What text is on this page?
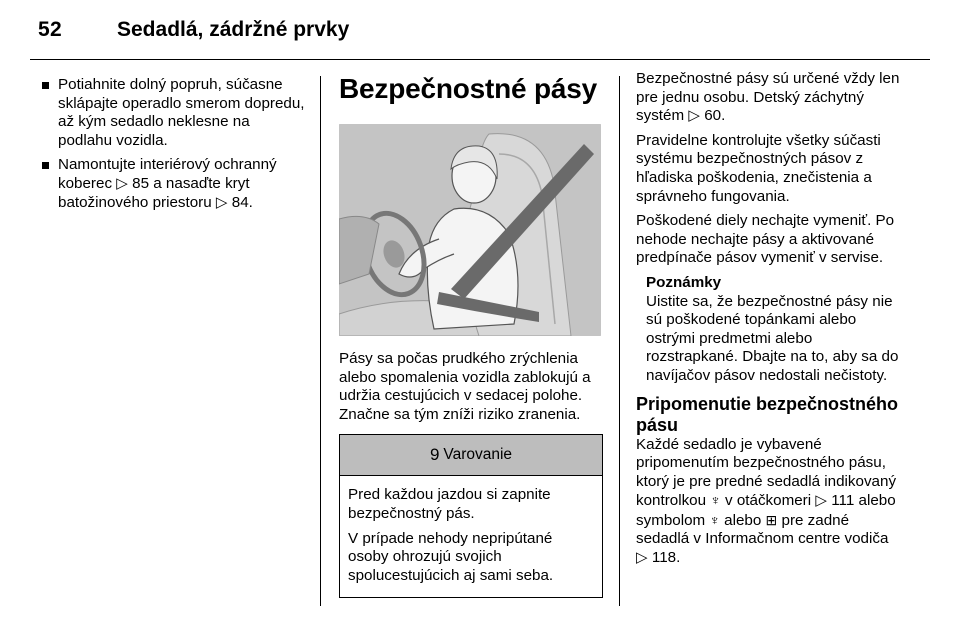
52	Sedadlá, zádržné prvky
Potiahnite dolný popruh, súčasne sklápajte operadlo smerom dopredu, až kým sedadlo neklesne na podlahu vozidla.
Namontujte interiérový ochranný koberec ▷ 85 a nasaďte kryt batožinového priestoru ▷ 84.
Bezpečnostné pásy

Pásy sa počas prudkého zrýchlenia alebo spomalenia vozidla zablokujú a udržia cestujúcich v sedacej polohe. Značne sa tým zníži riziko zranenia.

9 Varovanie

Pred každou jazdou si zapnite bezpečnostný pás.

V prípade nehody nepripútané osoby ohrozujú svojich spolucestujúcich aj sami seba.

Bezpečnostné pásy sú určené vždy len pre jednu osobu. Detský záchytný systém ▷ 60.

Pravidelne kontrolujte všetky súčasti systému bezpečnostných pásov z hľadiska poškodenia, znečistenia a správneho fungovania.

Poškodené diely nechajte vymeniť. Po nehode nechajte pásy a aktivované predpínače pásov vymeniť v servise.

Poznámky
Uistite sa, že bezpečnostné pásy nie sú poškodené topánkami alebo ostrými predmetmi alebo rozstrapkané. Dbajte na to, aby sa do navíjačov pásov nedostali nečistoty.
Pripomenutie bezpečnostného pásu
Každé sedadlo je vybavené pripomenutím bezpečnostného pásu, ktorý je pre predné sedadlá indikovaný kontrolkou ♆ v otáčkomeri ▷ 111 alebo symbolom ♆ alebo ⊞ pre zadné sedadlá v Informačnom centre vodiča ▷ 118.
